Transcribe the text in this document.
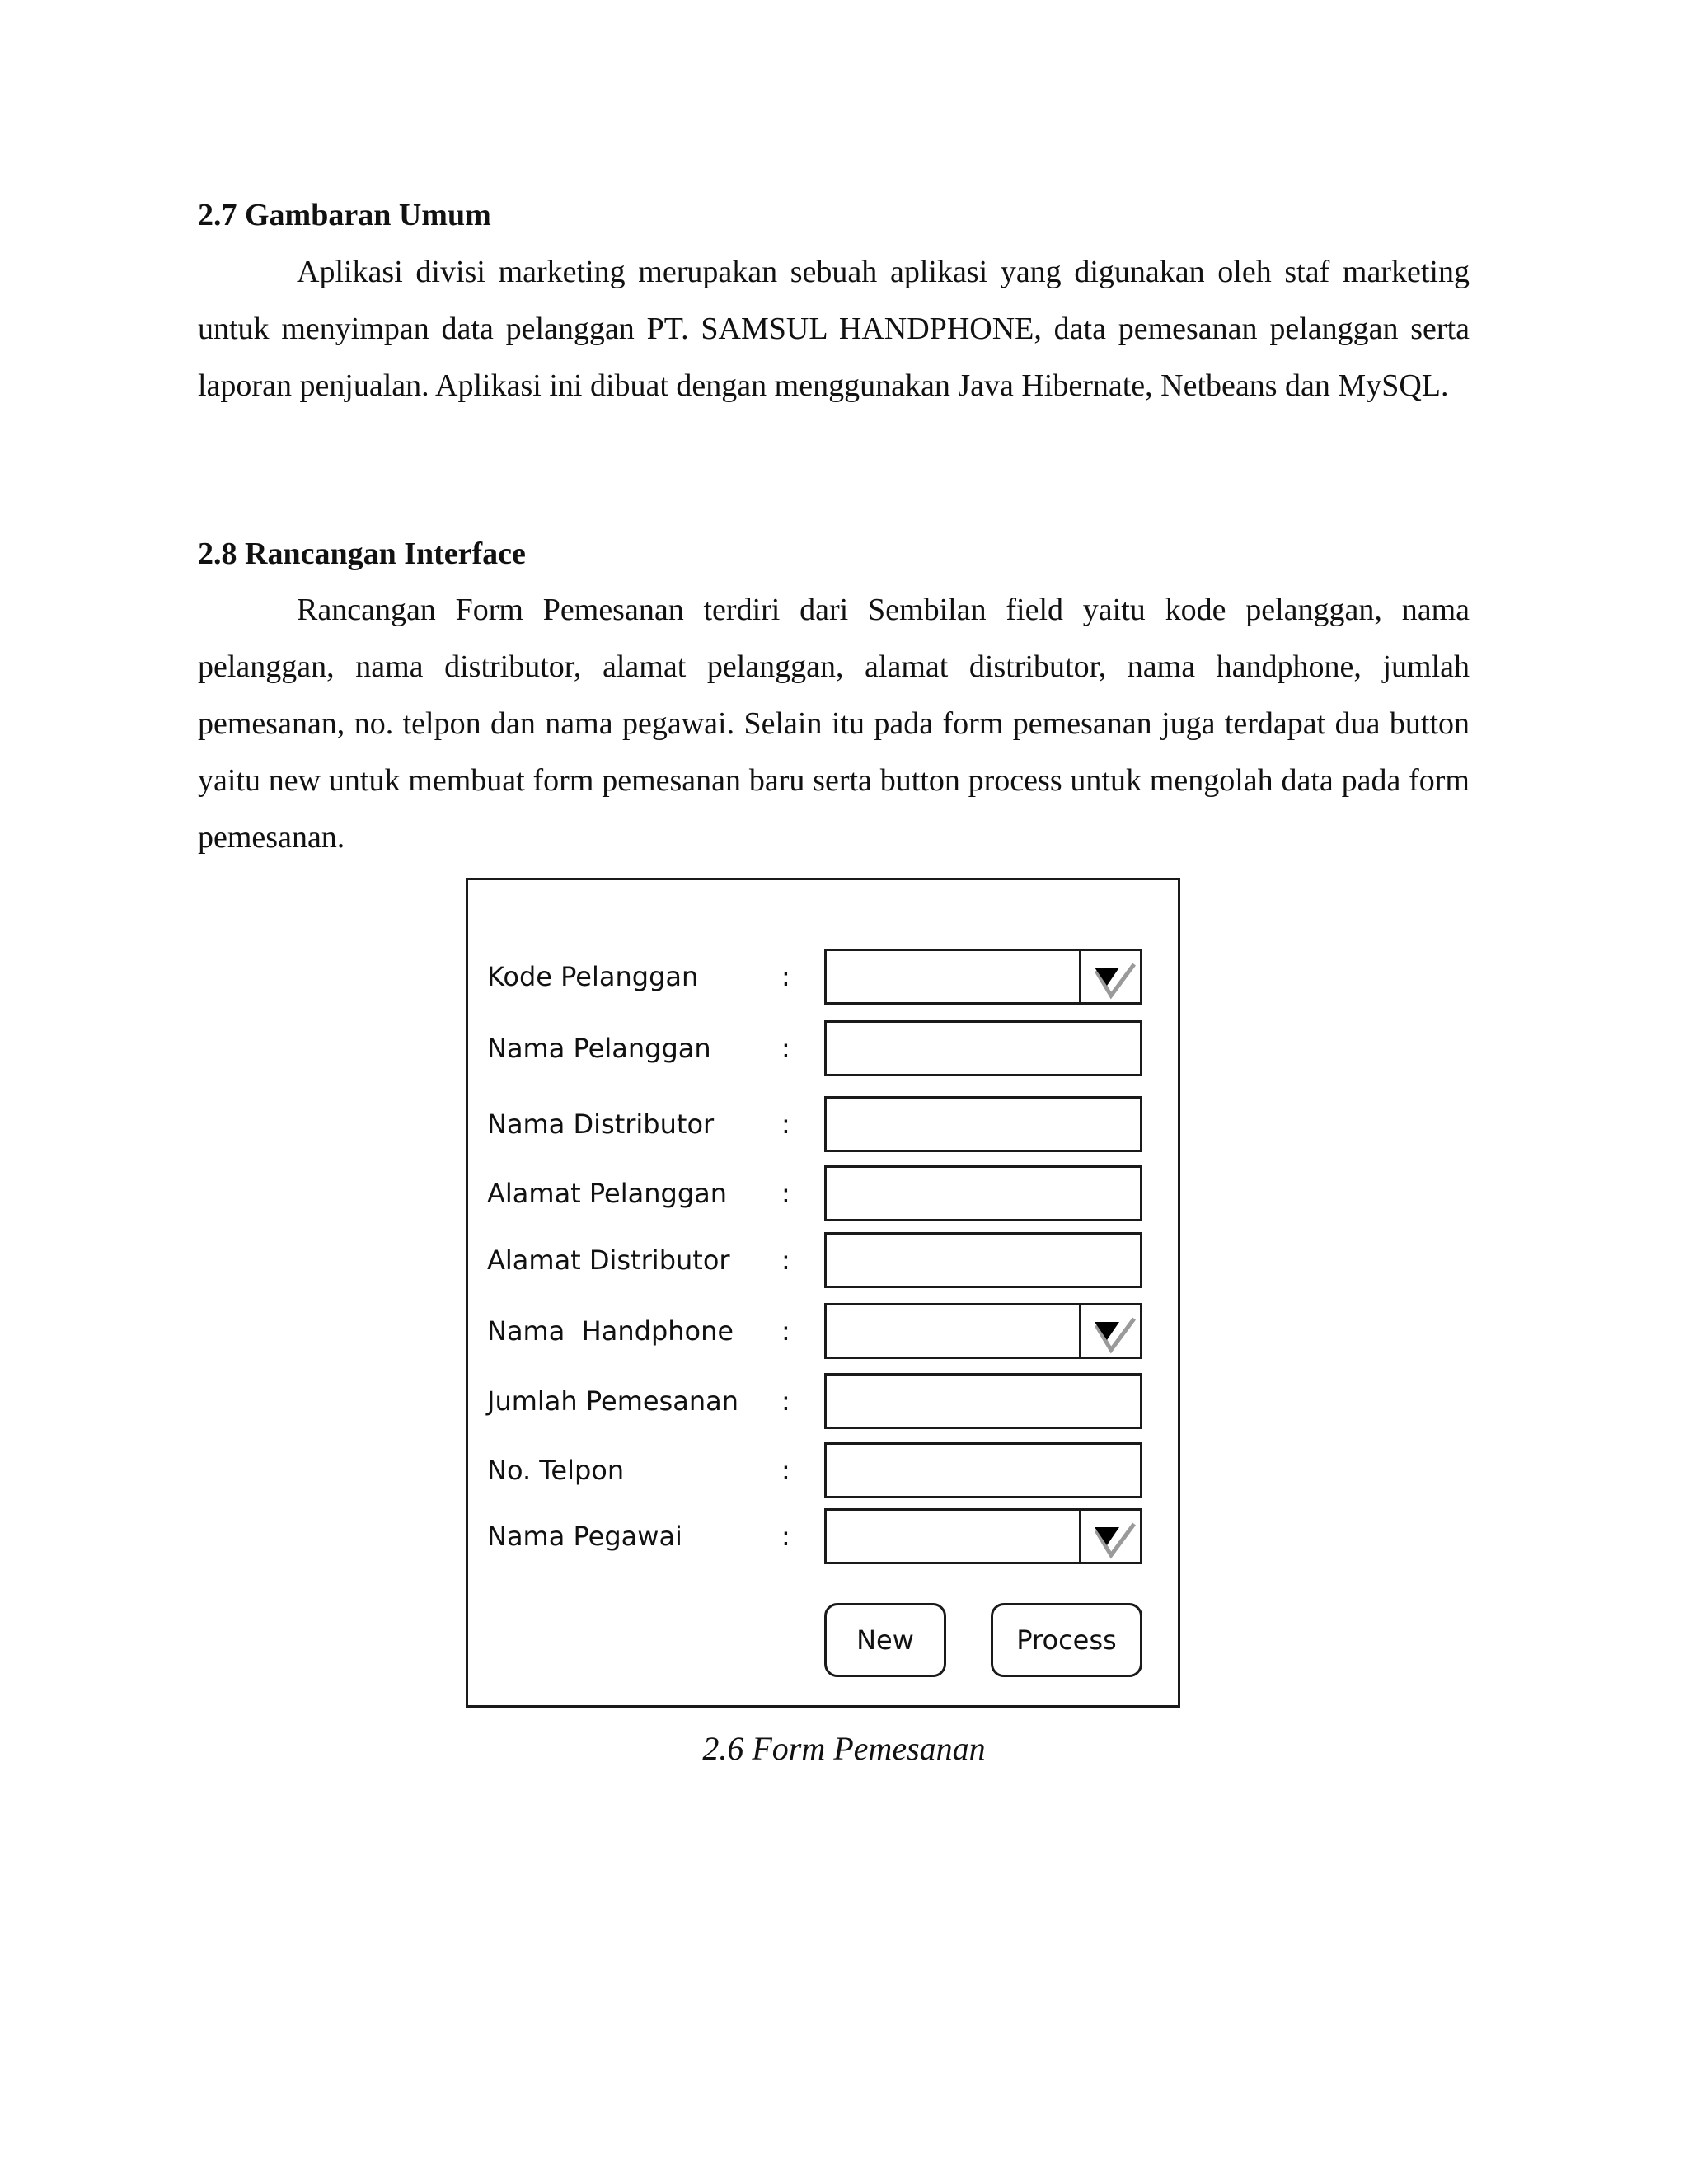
2.7 Gambaran Umum

Aplikasi divisi marketing merupakan sebuah aplikasi yang digunakan oleh staf marketing untuk menyimpan data pelanggan PT. SAMSUL HANDPHONE, data pemesanan pelanggan serta laporan penjualan. Aplikasi ini dibuat dengan menggunakan Java Hibernate, Netbeans dan MySQL.

2.8 Rancangan Interface

Rancangan Form Pemesanan terdiri dari Sembilan field yaitu kode pelanggan, nama pelanggan, nama distributor, alamat pelanggan, alamat distributor, nama handphone, jumlah pemesanan, no. telpon dan nama pegawai. Selain itu pada form pemesanan juga terdapat dua button yaitu new untuk membuat form pemesanan baru serta button process untuk mengolah data pada form pemesanan.

Kode Pelanggan	:
Nama Pelanggan	:
Nama Distributor	:
Alamat Pelanggan :
Alamat Distributor :
Nama  Handphone :
Jumlah Pemesanan :
No. Telpon	:
Nama Pegawai	:
New	Process

2.6 Form Pemesanan
